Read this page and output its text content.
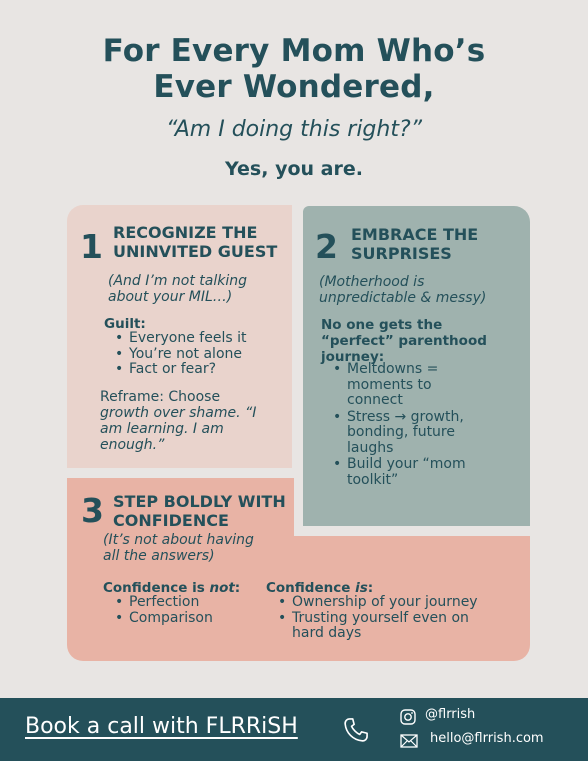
For Every Mom Who’s
Ever Wondered,
“Am I doing this right?”
Yes, you are.
1 RECOGNIZE THE
UNINVITED GUEST
(And I’m not talking
about your MIL…)
Guilt:
• Everyone feels it
• You’re not alone
• Fact or fear?
Reframe: Choose
growth over shame. “I
am learning. I am
enough.”
2 EMBRACE THE
SURPRISES
(Motherhood is
unpredictable & messy)
No one gets the
“perfect” parenthood
journey:
• Meltdowns =
moments to
connect
• Stress → growth,
bonding, future
laughs
• Build your “mom
toolkit”
3 STEP BOLDLY WITH
CONFIDENCE
(It’s not about having
all the answers)
Confidence is not:
• Perfection
• Comparison
Confidence is:
• Ownership of your journey
• Trusting yourself even on
hard days
Book a call with FLRRiSH	@flrrish
hello@flrrish.com
